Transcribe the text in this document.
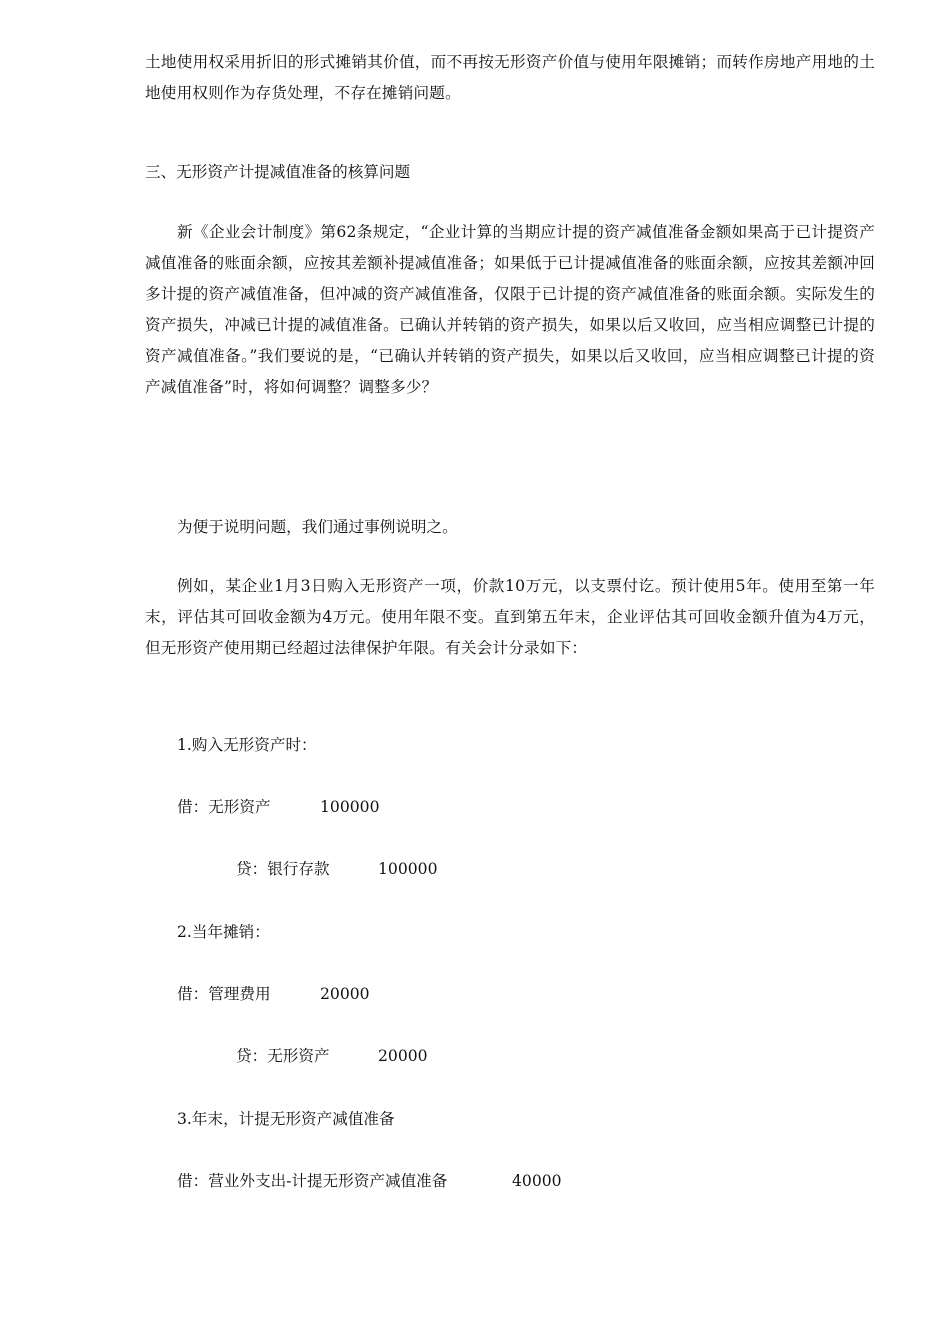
土地使用权采用折旧的形式摊销其价值，而不再按无形资产价值与使用年限摊销；而转作房地产用地的土地使用权则作为存货处理，不存在摊销问题。

三、无形资产计提减值准备的核算问题

新《企业会计制度》第62条规定，“企业计算的当期应计提的资产减值准备金额如果高于已计提资产减值准备的账面余额，应按其差额补提减值准备；如果低于已计提减值准备的账面余额，应按其差额冲回多计提的资产减值准备，但冲减的资产减值准备，仅限于已计提的资产减值准备的账面余额。实际发生的资产损失，冲减已计提的减值准备。已确认并转销的资产损失，如果以后又收回，应当相应调整已计提的资产减值准备。”我们要说的是，“已确认并转销的资产损失，如果以后又收回，应当相应调整已计提的资产减值准备”时，将如何调整？调整多少？

为便于说明问题，我们通过事例说明之。

例如，某企业1月3日购入无形资产一项，价款10万元，以支票付讫。预计使用5年。使用至第一年末，评估其可回收金额为4万元。使用年限不变。直到第五年末，企业评估其可回收金额升值为4万元，但无形资产使用期已经超过法律保护年限。有关会计分录如下：

1.购入无形资产时：

借：无形资产	100000
贷：银行存款	100000

2.当年摊销：

借：管理费用	20000
贷：无形资产	20000

3.年末，计提无形资产减值准备

借：营业外支出-计提无形资产减值准备	40000
